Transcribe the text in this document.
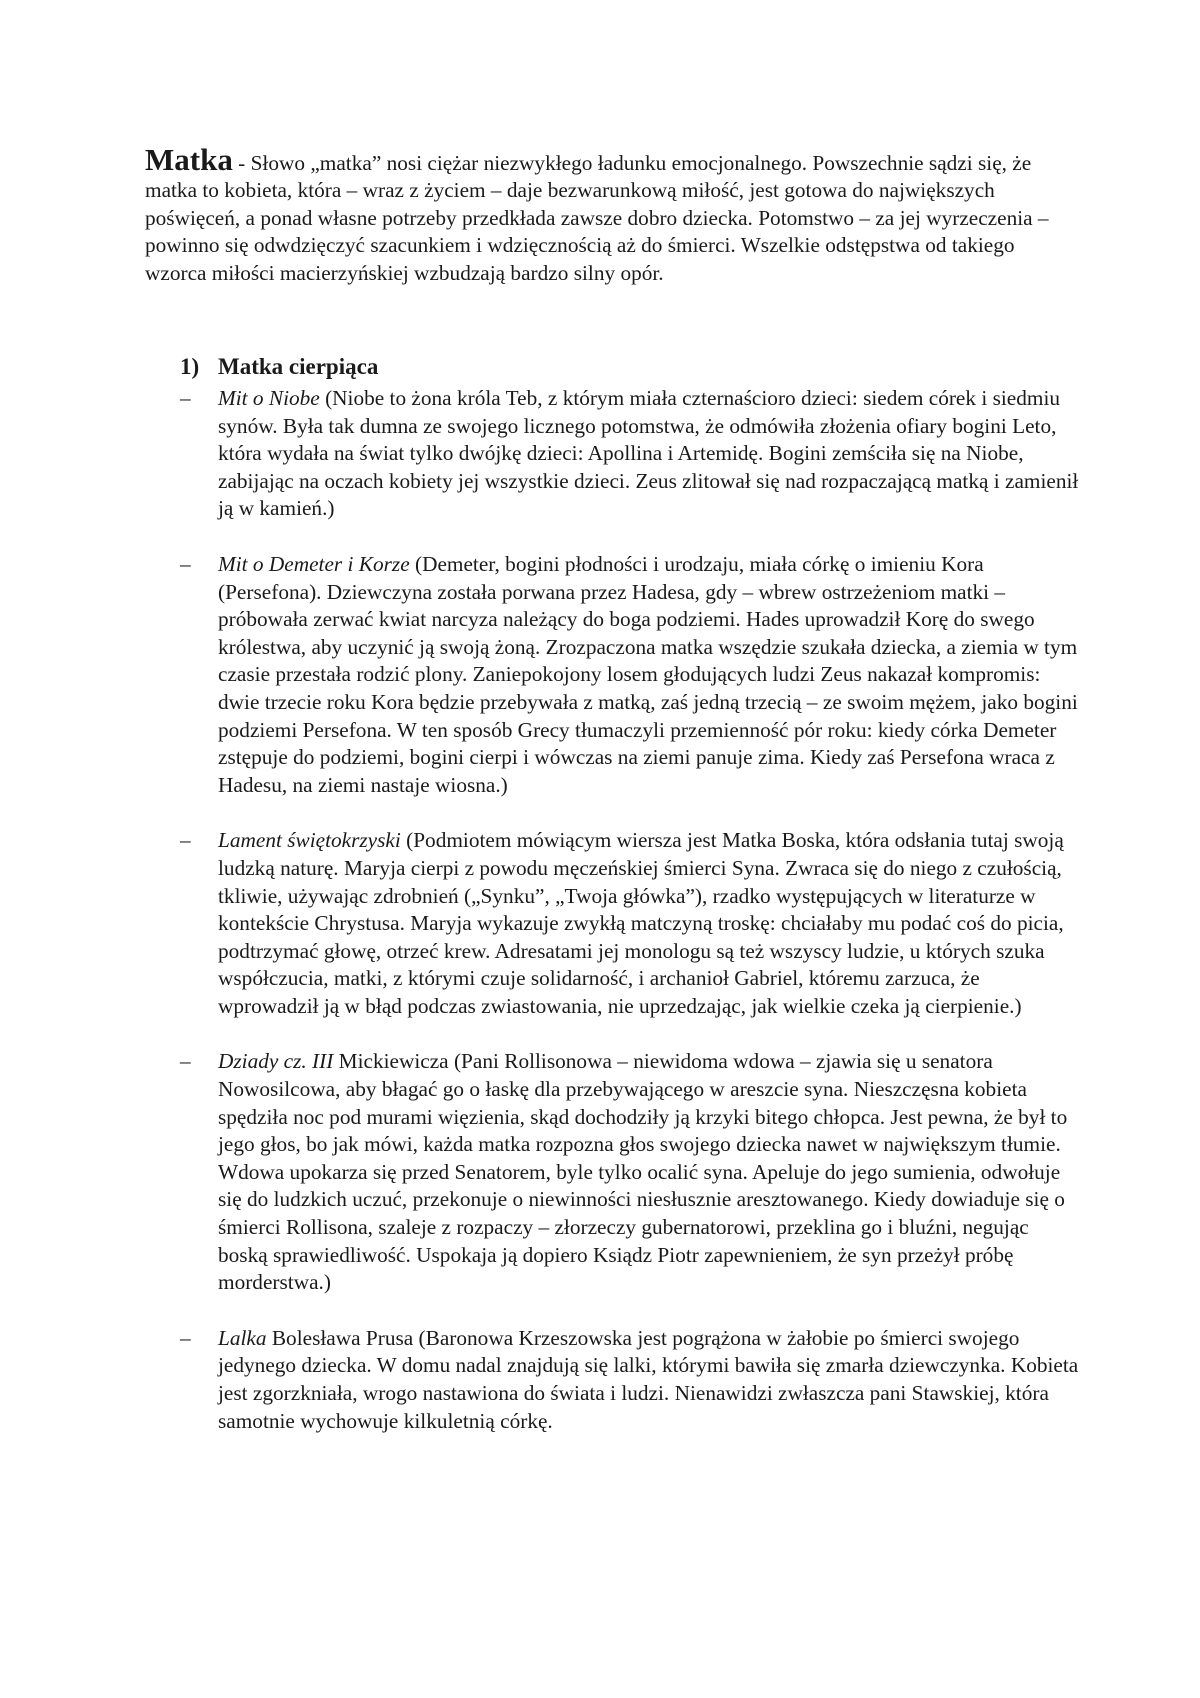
Matka - Słowo „matka” nosi ciężar niezwykłego ładunku emocjonalnego. Powszechnie sądzi się, że matka to kobieta, która – wraz z życiem – daje bezwarunkową miłość, jest gotowa do największych poświęceń, a ponad własne potrzeby przedkłada zawsze dobro dziecka. Potomstwo – za jej wyrzeczenia – powinno się odwdzięczyć szacunkiem i wdzięcznością aż do śmierci. Wszelkie odstępstwa od takiego wzorca miłości macierzyńskiej wzbudzają bardzo silny opór.

1) Matka cierpiąca
–	Mit o Niobe (Niobe to żona króla Teb, z którym miała czternaścioro dzieci: siedem córek i siedmiu synów. Była tak dumna ze swojego licznego potomstwa, że odmówiła złożenia ofiary bogini Leto, która wydała na świat tylko dwójkę dzieci: Apollina i Artemidę. Bogini zemściła się na Niobe, zabijając na oczach kobiety jej wszystkie dzieci. Zeus zlitował się nad rozpaczającą matką i zamienił ją w kamień.)
–	Mit o Demeter i Korze (Demeter, bogini płodności i urodzaju, miała córkę o imieniu Kora (Persefona). Dziewczyna została porwana przez Hadesa, gdy – wbrew ostrzeżeniom matki – próbowała zerwać kwiat narcyza należący do boga podziemi. Hades uprowadził Korę do swego królestwa, aby uczynić ją swoją żoną. Zrozpaczona matka wszędzie szukała dziecka, a ziemia w tym czasie przestała rodzić plony. Zaniepokojony losem głodujących ludzi Zeus nakazał kompromis: dwie trzecie roku Kora będzie przebywała z matką, zaś jedną trzecią – ze swoim mężem, jako bogini podziemi Persefona. W ten sposób Grecy tłumaczyli przemienność pór roku: kiedy córka Demeter zstępuje do podziemi, bogini cierpi i wówczas na ziemi panuje zima. Kiedy zaś Persefona wraca z Hadesu, na ziemi nastaje wiosna.)
–	Lament świętokrzyski (Podmiotem mówiącym wiersza jest Matka Boska, która odsłania tutaj swoją ludzką naturę. Maryja cierpi z powodu męczeńskiej śmierci Syna. Zwraca się do niego z czułością, tkliwie, używając zdrobnień („Synku”, „Twoja główka”), rzadko występujących w literaturze w kontekście Chrystusa. Maryja wykazuje zwykłą matczyną troskę: chciałaby mu podać coś do picia, podtrzymać głowę, otrzeć krew. Adresatami jej monologu są też wszyscy ludzie, u których szuka współczucia, matki, z którymi czuje solidarność, i archanioł Gabriel, któremu zarzuca, że wprowadził ją w błąd podczas zwiastowania, nie uprzedzając, jak wielkie czeka ją cierpienie.)
–	Dziady cz. III Mickiewicza (Pani Rollisonowa – niewidoma wdowa – zjawia się u senatora Nowosilcowa, aby błagać go o łaskę dla przebywającego w areszcie syna. Nieszczęsna kobieta spędziła noc pod murami więzienia, skąd dochodziły ją krzyki bitego chłopca. Jest pewna, że był to jego głos, bo jak mówi, każda matka rozpozna głos swojego dziecka nawet w największym tłumie. Wdowa upokarza się przed Senatorem, byle tylko ocalić syna. Apeluje do jego sumienia, odwołuje się do ludzkich uczuć, przekonuje o niewinności niesłusznie aresztowanego. Kiedy dowiaduje się o śmierci Rollisona, szaleje z rozpaczy – złorzeczy gubernatorowi, przeklina go i bluźni, negując boską sprawiedliwość. Uspokaja ją dopiero Ksiądz Piotr zapewnieniem, że syn przeżył próbę morderstwa.)
–	Lalka Bolesława Prusa (Baronowa Krzeszowska jest pogrążona w żałobie po śmierci swojego jedynego dziecka. W domu nadal znajdują się lalki, którymi bawiła się zmarła dziewczynka. Kobieta jest zgorzkniała, wrogo nastawiona do świata i ludzi. Nienawidzi zwłaszcza pani Stawskiej, która samotnie wychowuje kilkuletnią córkę.
